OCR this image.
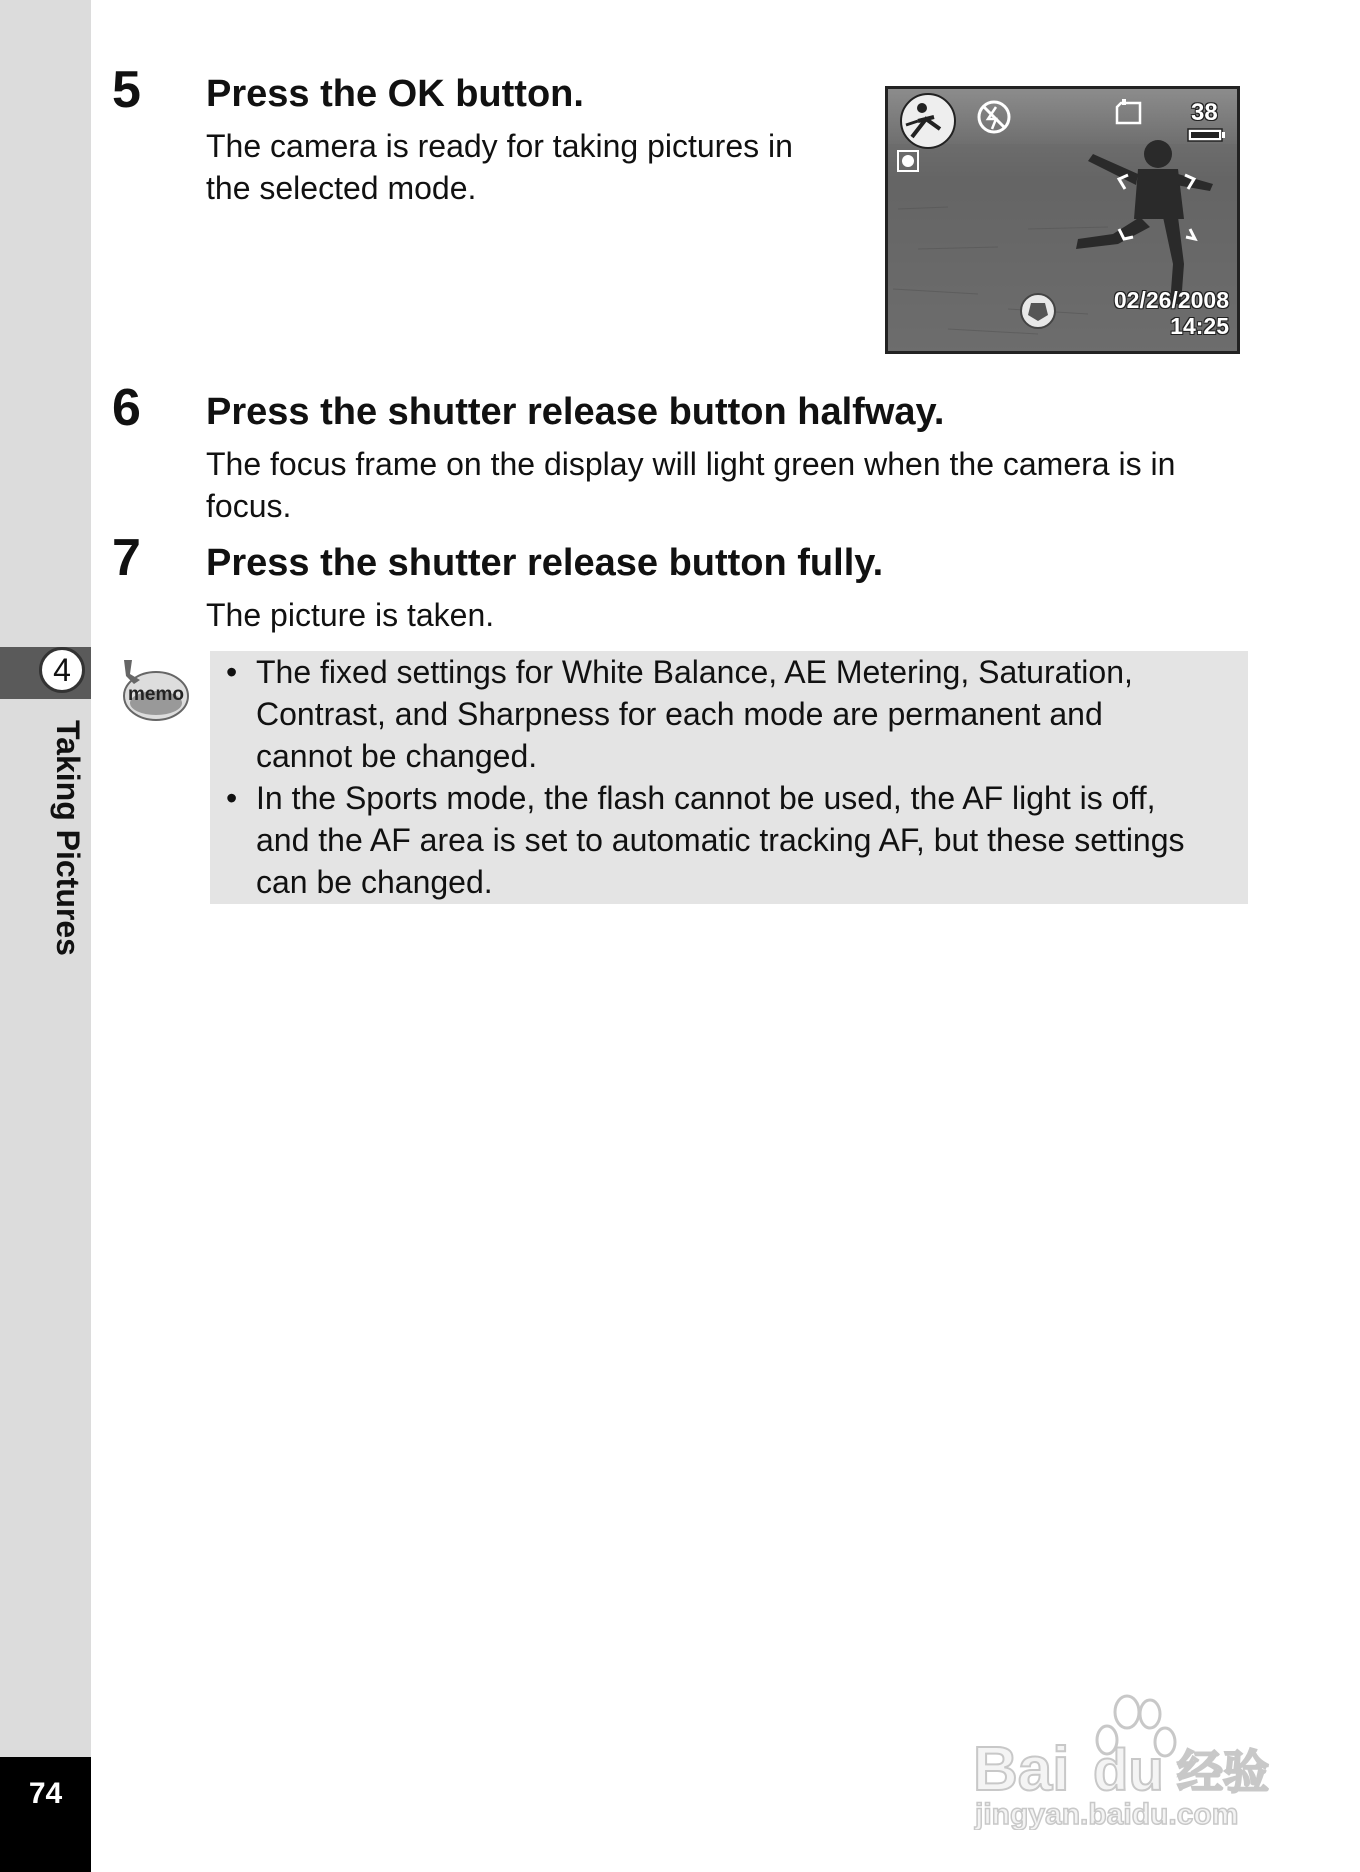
4
Taking Pictures
74
5 Press the OK button.
The camera is ready for taking pictures in
the selected mode.
38
02/26/2008
14:25
6 Press the shutter release button halfway.
The focus frame on the display will light green when the camera is in
focus.
7 Press the shutter release button fully.
The picture is taken.
memo
• The fixed settings for White Balance, AE Metering, Saturation,
Contrast, and Sharpness for each mode are permanent and
cannot be changed.
• In the Sports mode, the flash cannot be used, the AF light is off,
and the AF area is set to automatic tracking AF, but these settings
can be changed.
Bai du 经验
jingyan.baidu.com
